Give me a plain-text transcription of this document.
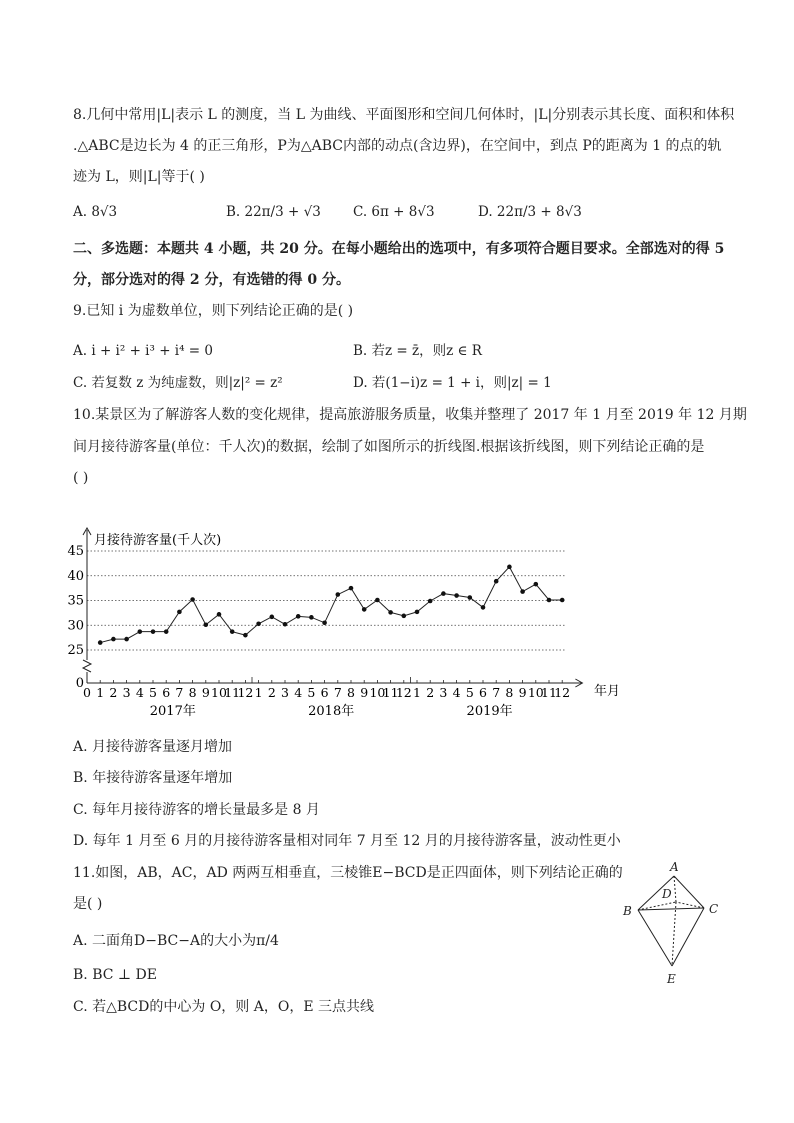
8.几何中常用|L|表示 L 的测度，当 L 为曲线、平面图形和空间几何体时，|L|分别表示其长度、面积和体积
.△ABC是边长为 4 的正三角形，P为△ABC内部的动点(含边界)，在空间中，到点 P的距离为 1 的点的轨
迹为 L，则|L|等于( )
A. 8√3	B. 22π/3 + √3 C. 6π + 8√3	D. 22π/3 + 8√3
二、多选题：本题共 4 小题，共 20 分。在每小题给出的选项中，有多项符合题目要求。全部选对的得 5
分，部分选对的得 2 分，有选错的得 0 分。
9.已知 i 为虚数单位，则下列结论正确的是( )
A. i + i² + i³ + i⁴ = 0	B. 若z = z̄，则z ∈ R
C. 若复数 z 为纯虚数，则|z|² = z²	D. 若(1−i)z = 1 + i，则|z| = 1
10.某景区为了解游客人数的变化规律，提高旅游服务质量，收集并整理了 2017 年 1 月至 2019 年 12 月期
间月接待游客量(单位：千人次)的数据，绘制了如图所示的折线图.根据该折线图，则下列结论正确的是
( )
月接待游客量(千人次)
0
25
30
35
40
45
0 1 2 3 4 5 6 7 8 9 10
11
12 1 2 3 4 5 6 7 8 9 10
11
12 1 2 3 4 5 6 7 8 9 10
11
12
2017年	2018年	2019年
年月
A. 月接待游客量逐月增加
B. 年接待游客量逐年增加
C. 每年月接待游客的增长量最多是 8 月
D. 每年 1 月至 6 月的月接待游客量相对同年 7 月至 12 月的月接待游客量，波动性更小
11.如图，AB，AC，AD 两两互相垂直，三棱锥E−BCD是正四面体，则下列结论正确的
是( )
A. 二面角D−BC−A的大小为π/4
B. BC ⊥ DE
C. 若△BCD的中心为 O，则 A，O，E 三点共线
A
B	C
D
E
